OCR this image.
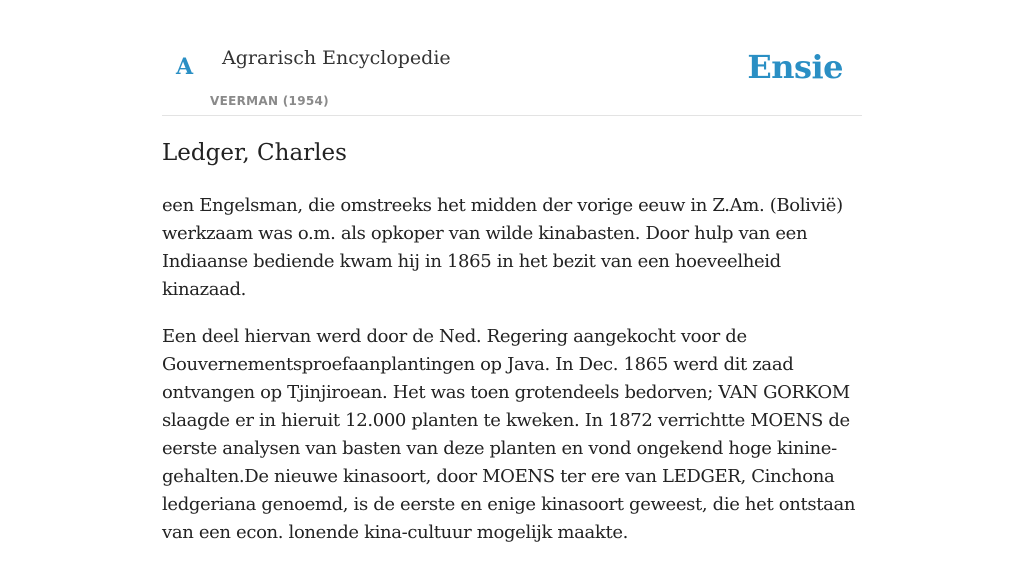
A Agrarisch Encyclopedie
VEERMAN (1954)
Ensie
Ledger, Charles

een Engelsman, die omstreeks het midden der vorige eeuw in Z.Am. (Bolivië) werkzaam was o.m. als opkoper van wilde kinabasten. Door hulp van een Indiaanse bediende kwam hij in 1865 in het bezit van een hoeveelheid kinazaad.

Een deel hiervan werd door de Ned. Regering aangekocht voor de Gouvernementsproefaanplantingen op Java. In Dec. 1865 werd dit zaad ontvangen op Tjinjiroean. Het was toen grotendeels bedorven; VAN GORKOM slaagde er in hieruit 12.000 planten te kweken. In 1872 verrichtte MOENS de eerste analysen van basten van deze planten en vond ongekend hoge kinine-gehalten.De nieuwe kinasoort, door MOENS ter ere van LEDGER, Cinchona ledgeriana genoemd, is de eerste en enige kinasoort geweest, die het ontstaan van een econ. lonende kina-cultuur mogelijk maakte.
